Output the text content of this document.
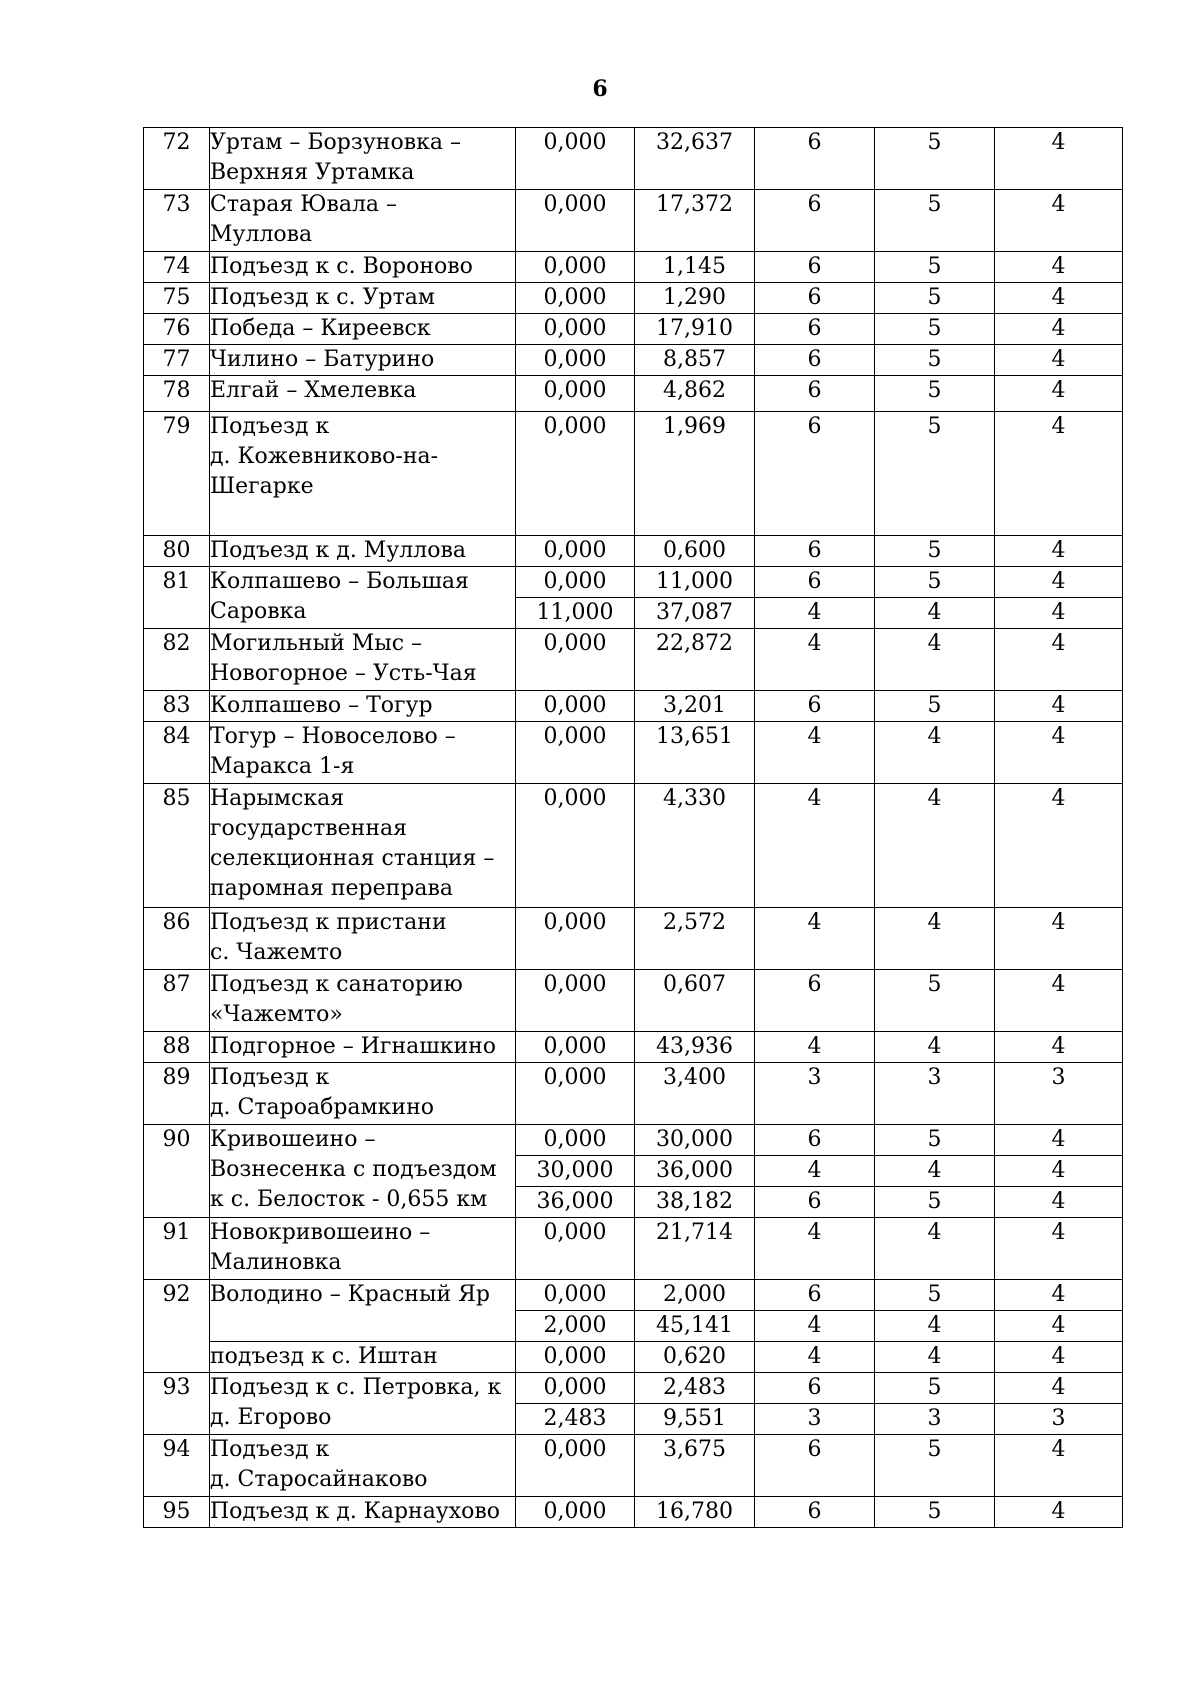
6
72	Уртам – Борзуновка –
Верхняя Уртамка	0,000	32,637	6	5	4
73	Старая Ювала –
Муллова	0,000	17,372	6	5	4
74	Подъезд к с. Вороново	0,000	1,145	6	5	4
75	Подъезд к с. Уртам	0,000	1,290	6	5	4
76	Победа – Киреевск	0,000	17,910	6	5	4
77	Чилино – Батурино	0,000	8,857	6	5	4
78	Елгай – Хмелевка	0,000	4,862	6	5	4
79	Подъезд к
д. Кожевниково-на-
Шегарке	0,000	1,969	6	5	4
80	Подъезд к д. Муллова	0,000	0,600	6	5	4
81	Колпашево – Большая
Саровка	0,000	11,000	6	5	4
		11,000	37,087	4	4	4
82	Могильный Мыс –
Новогорное – Усть-Чая	0,000	22,872	4	4	4
83	Колпашево – Тогур	0,000	3,201	6	5	4
84	Тогур – Новоселово –
Маракса 1-я	0,000	13,651	4	4	4
85	Нарымская
государственная
селекционная станция –
паромная переправа	0,000	4,330	4	4	4
86	Подъезд к пристани
с. Чажемто	0,000	2,572	4	4	4
87	Подъезд к санаторию
«Чажемто»	0,000	0,607	6	5	4
88	Подгорное – Игнашкино	0,000	43,936	4	4	4
89	Подъезд к
д. Староабрамкино	0,000	3,400	3	3	3
90	Кривошеино –
Вознесенка с подъездом
к с. Белосток - 0,655 км	0,000	30,000	6	5	4
		30,000	36,000	4	4	4
		36,000	38,182	6	5	4
91	Новокривошеино –
Малиновка	0,000	21,714	4	4	4
92	Володино – Красный Яр	0,000	2,000	6	5	4
		2,000	45,141	4	4	4
	подъезд к с. Иштан	0,000	0,620	4	4	4
93	Подъезд к с. Петровка, к
д. Егорово	0,000	2,483	6	5	4
		2,483	9,551	3	3	3
94	Подъезд к
д. Старосайнаково	0,000	3,675	6	5	4
95	Подъезд к д. Карнаухово	0,000	16,780	6	5	4
